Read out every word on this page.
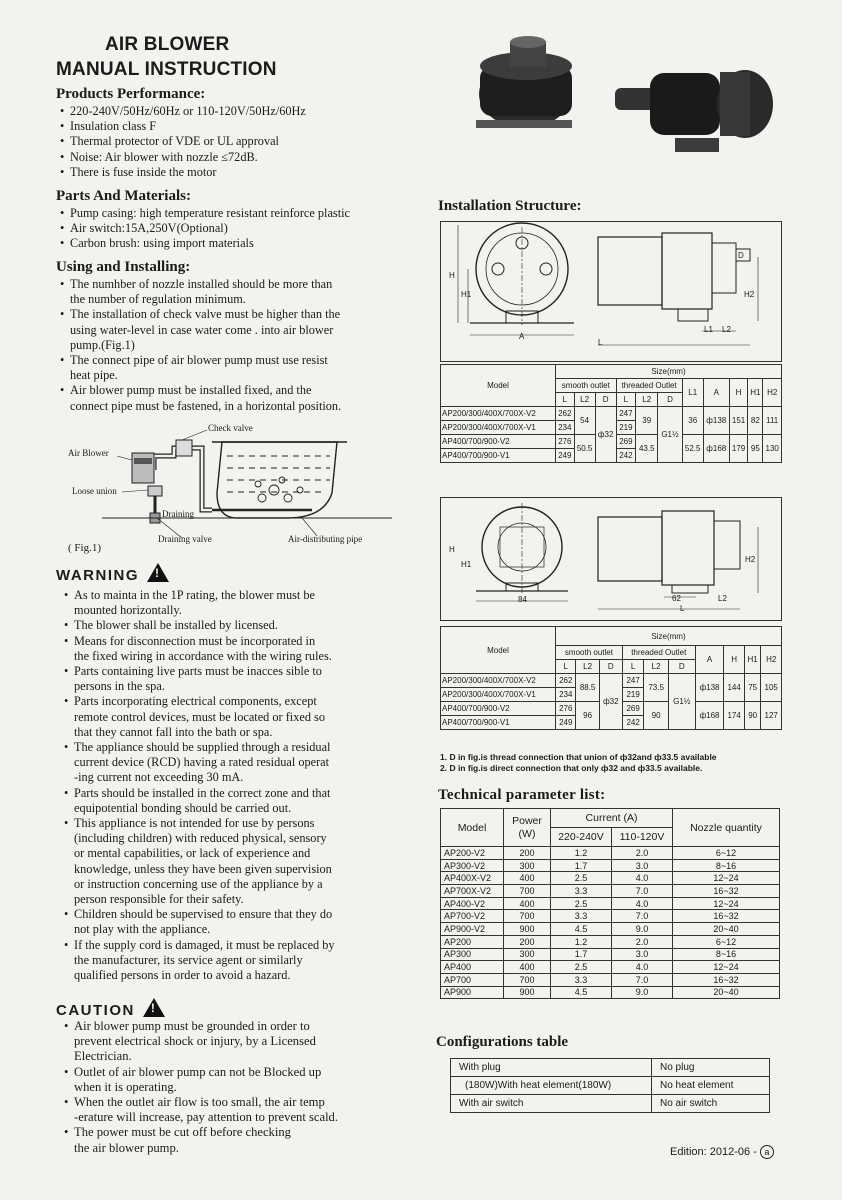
AIR BLOWER
MANUAL INSTRUCTION
Products Performance:
• 220-240V/50Hz/60Hz or 110-120V/50Hz/60Hz
• Insulation class F
• Thermal protector of VDE or UL approval
• Noise: Air blower with nozzle ≤72dB.
• There is fuse inside the motor
Parts And Materials:
• Pump casing: high temperature resistant reinforce plastic
• Air switch:15A,250V(Optional)
• Carbon brush: using import materials
Using and Installing:
• The numhber of nozzle installed should be more than
the number of regulation minimum.
• The installation of check valve must be higher than the
using water-level in case water come . into air blower
pump.(Fig.1)
• The connect pipe of air blower pump must use resist
heat pipe.
• Air blower pump must be installed fixed, and the
connect pipe must be fastened, in a horizontal position.
Check valve
Air Blower
Loose union
Draining
Draining valve	Air-distributing pipe
( Fig.1)
WARNING !
• As to mainta in the 1P rating, the blower must be
mounted horizontally.
• The blower shall be installed by licensed.
• Means for disconnection must be incorporated in
the fixed wiring in accordance with the wiring rules.
• Parts containing live parts must be inacces sible to
persons in the spa.
• Parts incorporating electrical components, except
remote control devices, must be located or fixed so
that they cannot fall into the bath or spa.
• The appliance should be supplied through a residual
current device (RCD) having a rated residual operat
-ing current not exceeding 30 mA.
• Parts should be installed in the correct zone and that
equipotential bonding should be carried out.
• This appliance is not intended for use by persons
(including children) with reduced physical, sensory
or mental capabilities, or lack of experience and
knowledge, unless they have been given supervision
or instruction concerning use of the appliance by a
person responsible for their safety.
• Children should be supervised to ensure that they do
not play with the appliance.
• If the supply cord is damaged, it must be replaced by
the manufacturer, its service agent or similarly
qualified persons in order to avoid a hazard.
CAUTION !
• Air blower pump must be grounded in order to
prevent electrical shock or injury, by a Licensed
Electrician.
• Outlet of air blower pump can not be Blocked up
when it is operating.
• When the outlet air flow is too small, the air temp
-erature will increase, pay attention to prevent scald.
• The power must be cut off before checking
the air blower pump.
Installation Structure:
H
H1
A
D
H2
L
L1 L2
Model	Size(mm)										
	smooth outlet			threaded Outlet			L1	A	H	H1	H2
	L	L2	D	L	L2	D					
AP200/300/400X/700X-V2	262	54	ф32	247	39	G1½	36	ф138	151	82	111
AP200/300/400X/700X-V1	234			219							
AP400/700/900-V2	276	50.5		269	43.5		52.5	ф168	179	95	130
AP400/700/900-V1	249			242							
H
H1
84
H2
62	L2
L
Model	Size(mm)									
	smooth outlet			threaded Outlet			A	H	H1	H2
	L	L2	D	L	L2	D				
AP200/300/400X/700X-V2	262	88.5	ф32	247	73.5	G1½	ф138	144	75	105
AP200/300/400X/700X-V1	234			219						
AP400/700/900-V2	276	96		269	90		ф168	174	90	127
AP400/700/900-V1	249			242						
1. D in fig.is thread connection that union of ф32and ф33.5 available
2. D in fig.is direct connection that only ф32 and ф33.5 available.
Technical parameter list:
Model	Power
(W)	Current (A)		Nozzle quantity
		220-240V	110-120V	
AP200-V2	200	1.2	2.0	6~12
AP300-V2	300	1.7	3.0	8~16
AP400X-V2	400	2.5	4.0	12~24
AP700X-V2	700	3.3	7.0	16~32
AP400-V2	400	2.5	4.0	12~24
AP700-V2	700	3.3	7.0	16~32
AP900-V2	900	4.5	9.0	20~40
AP200	200	1.2	2.0	6~12
AP300	300	1.7	3.0	8~16
AP400	400	2.5	4.0	12~24
AP700	700	3.3	7.0	16~32
AP900	900	4.5	9.0	20~40
Configurations table
With plug	No plug
(180W)With heat element(180W)	No heat element
With air switch	No air switch
Edition: 2012-06 - a
